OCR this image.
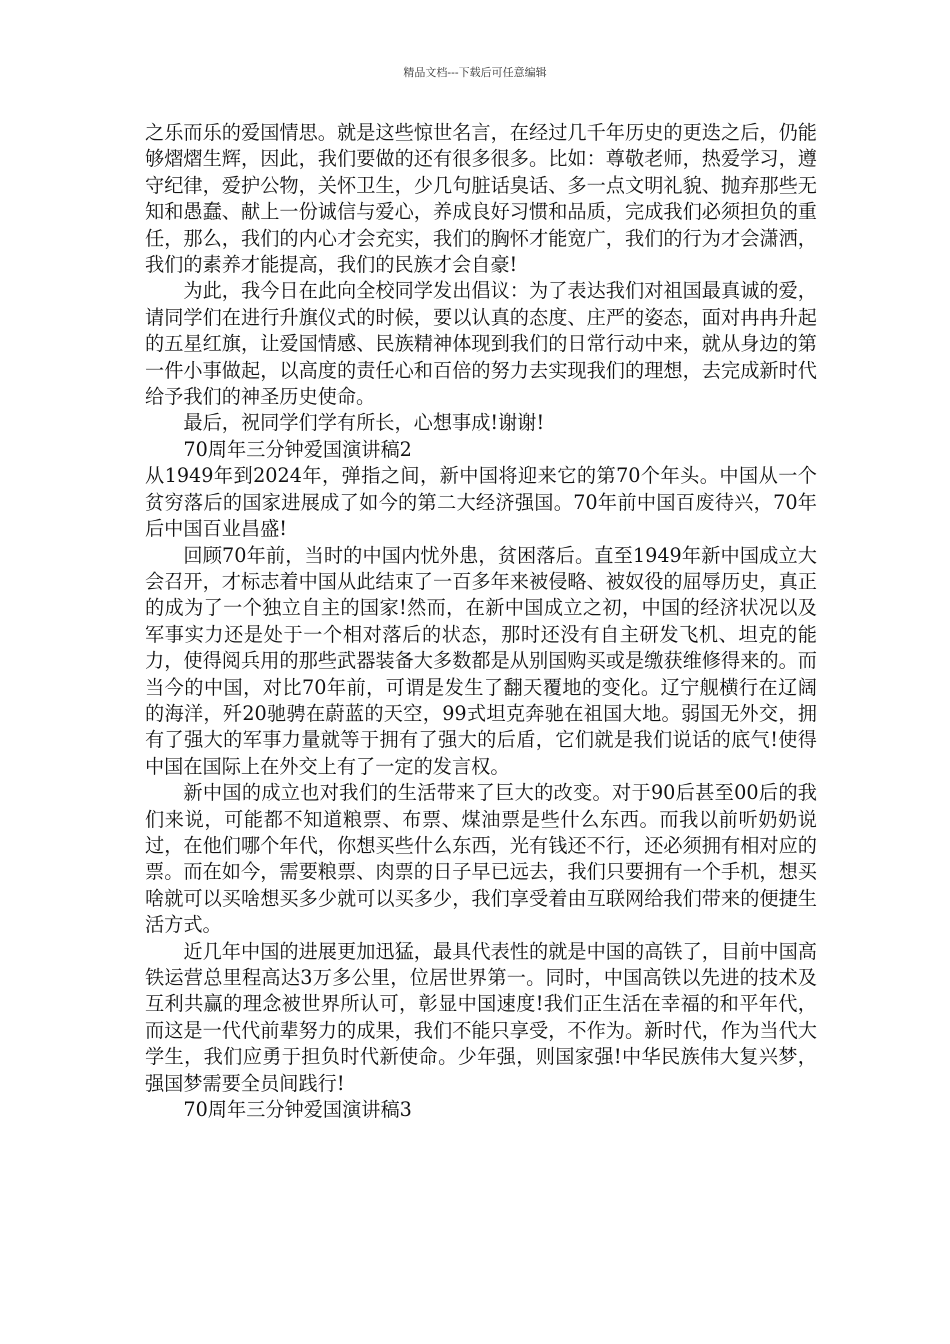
精品文档---下载后可任意编辑

之乐而乐的爱国情思。就是这些惊世名言，在经过几千年历史的更迭之后，仍能够熠熠生辉，因此，我们要做的还有很多很多。比如：尊敬老师，热爱学习，遵守纪律，爱护公物，关怀卫生，少几句脏话臭话、多一点文明礼貌、抛弃那些无知和愚蠢、献上一份诚信与爱心，养成良好习惯和品质，完成我们必须担负的重任，那么，我们的内心才会充实，我们的胸怀才能宽广，我们的行为才会潇洒，我们的素养才能提高，我们的民族才会自豪!

为此，我今日在此向全校同学发出倡议：为了表达我们对祖国最真诚的爱，请同学们在进行升旗仪式的时候，要以认真的态度、庄严的姿态，面对冉冉升起的五星红旗，让爱国情感、民族精神体现到我们的日常行动中来，就从身边的第一件小事做起，以高度的责任心和百倍的努力去实现我们的理想，去完成新时代给予我们的神圣历史使命。

最后，祝同学们学有所长，心想事成!谢谢!

70周年三分钟爱国演讲稿2

从1949年到2024年，弹指之间，新中国将迎来它的第70个年头。中国从一个贫穷落后的国家进展成了如今的第二大经济强国。70年前中国百废待兴，70年后中国百业昌盛!

回顾70年前，当时的中国内忧外患，贫困落后。直至1949年新中国成立大会召开，才标志着中国从此结束了一百多年来被侵略、被奴役的屈辱历史，真正的成为了一个独立自主的国家!然而，在新中国成立之初，中国的经济状况以及军事实力还是处于一个相对落后的状态，那时还没有自主研发飞机、坦克的能力，使得阅兵用的那些武器装备大多数都是从别国购买或是缴获维修得来的。而当今的中国，对比70年前，可谓是发生了翻天覆地的变化。辽宁舰横行在辽阔的海洋，歼20驰骋在蔚蓝的天空，99式坦克奔驰在祖国大地。弱国无外交，拥有了强大的军事力量就等于拥有了强大的后盾，它们就是我们说话的底气!使得中国在国际上在外交上有了一定的发言权。

新中国的成立也对我们的生活带来了巨大的改变。对于90后甚至00后的我们来说，可能都不知道粮票、布票、煤油票是些什么东西。而我以前听奶奶说过，在他们哪个年代，你想买些什么东西，光有钱还不行，还必须拥有相对应的票。而在如今，需要粮票、肉票的日子早已远去，我们只要拥有一个手机，想买啥就可以买啥想买多少就可以买多少，我们享受着由互联网给我们带来的便捷生活方式。

近几年中国的进展更加迅猛，最具代表性的就是中国的高铁了，目前中国高铁运营总里程高达3万多公里，位居世界第一。同时，中国高铁以先进的技术及互利共赢的理念被世界所认可，彰显中国速度!我们正生活在幸福的和平年代，而这是一代代前辈努力的成果，我们不能只享受，不作为。新时代，作为当代大学生，我们应勇于担负时代新使命。少年强，则国家强!中华民族伟大复兴梦，强国梦需要全员间践行!

70周年三分钟爱国演讲稿3
